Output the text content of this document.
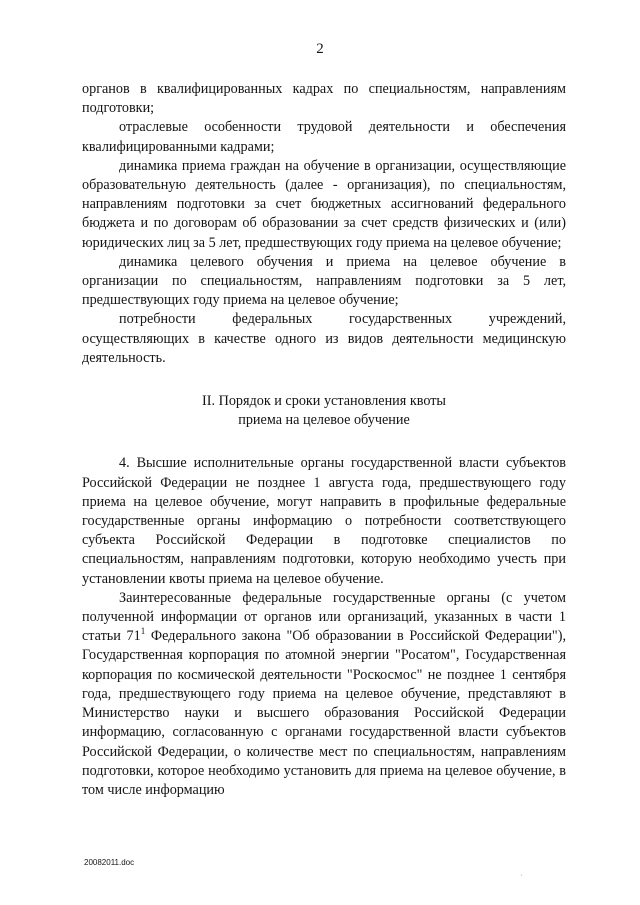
2

органов в квалифицированных кадрах по специальностям, направлениям подготовки;

отраслевые особенности трудовой деятельности и обеспечения квалифицированными кадрами;

динамика приема граждан на обучение в организации, осуществляющие образовательную деятельность (далее - организация), по специальностям, направлениям подготовки за счет бюджетных ассигнований федерального бюджета и по договорам об образовании за счет средств физических и (или) юридических лиц за 5 лет, предшествующих году приема на целевое обучение;

динамика целевого обучения и приема на целевое обучение в организации по специальностям, направлениям подготовки за 5 лет, предшествующих году приема на целевое обучение;

потребности федеральных государственных учреждений, осуществляющих в качестве одного из видов деятельности медицинскую деятельность.

II. Порядок и сроки установления квоты
приема на целевое обучение

4. Высшие исполнительные органы государственной власти субъектов Российской Федерации не позднее 1 августа года, предшествующего году приема на целевое обучение, могут направить в профильные федеральные государственные органы информацию о потребности соответствующего субъекта Российской Федерации в подготовке специалистов по специальностям, направлениям подготовки, которую необходимо учесть при установлении квоты приема на целевое обучение.

Заинтересованные федеральные государственные органы (с учетом полученной информации от органов или организаций, указанных в части 1 статьи $71^1$ Федерального закона "Об образовании в Российской Федерации"), Государственная корпорация по атомной энергии "Росатом", Государственная корпорация по космической деятельности "Роскосмос" не позднее 1 сентября года, предшествующего году приема на целевое обучение, представляют в Министерство науки и высшего образования Российской Федерации информацию, согласованную с органами государственной власти субъектов Российской Федерации, о количестве мест по специальностям, направлениям подготовки, которое необходимо установить для приема на целевое обучение, в том числе информацию

20082011.doc
·
